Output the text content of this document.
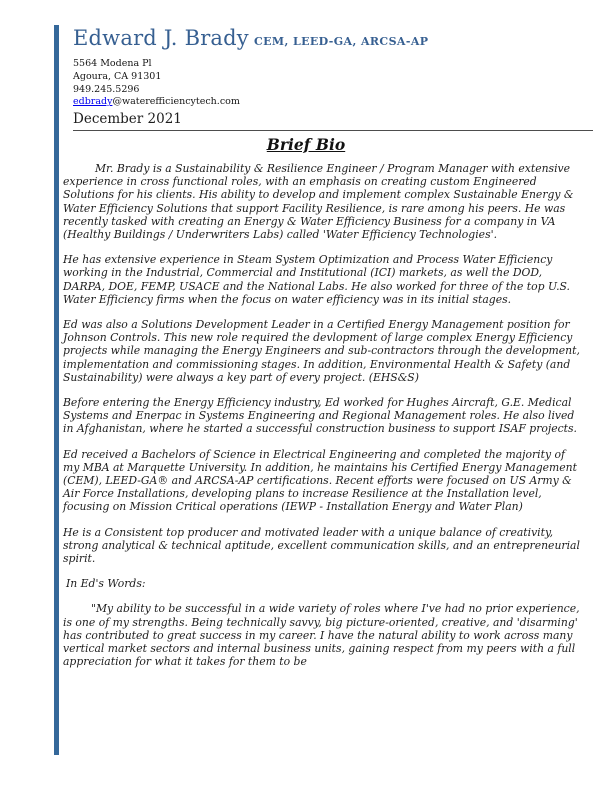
Edward J. Brady CEM, LEED-GA, ARCSA-AP
5564 Modena Pl
Agoura, CA 91301
949.245.5296
edbrady@waterefficiencytech.com
December 2021
Brief Bio

Mr. Brady is a Sustainability & Resilience Engineer / Program Manager with extensive experience in cross functional roles, with an emphasis on creating custom Engineered Solutions for his clients. His ability to develop and implement complex Sustainable Energy & Water Efficiency Solutions that support Facility Resilience, is rare among his peers. He was recently tasked with creating an Energy & Water Efficiency Business for a company in VA (Healthy Buildings / Underwriters Labs) called 'Water Efficiency Technologies'.

He has extensive experience in Steam System Optimization and Process Water Efficiency working in the Industrial, Commercial and Institutional (ICI) markets, as well the DOD, DARPA, DOE, FEMP, USACE and the National Labs. He also worked for three of the top U.S. Water Efficiency firms when the focus on water efficiency was in its initial stages.

Ed was also a Solutions Development Leader in a Certified Energy Management position for Johnson Controls. This new role required the devlopment of large complex Energy Efficiency projects while managing the Energy Engineers and sub-contractors through the development, implementation and commissioning stages. In addition, Environmental Health & Safety (and Sustainability) were always a key part of every project. (EHS&S)

Before entering the Energy Efficiency industry, Ed worked for Hughes Aircraft, G.E. Medical Systems and Enerpac in Systems Engineering and Regional Management roles. He also lived in Afghanistan, where he started a successful construction business to support ISAF projects.

Ed received a Bachelors of Science in Electrical Engineering and completed the majority of my MBA at Marquette University. In addition, he maintains his Certified Energy Management (CEM), LEED-GA® and ARCSA-AP certifications. Recent efforts were focused on US Army & Air Force Installations, developing plans to increase Resilience at the Installation level, focusing on Mission Critical operations (IEWP - Installation Energy and Water Plan)

He is a Consistent top producer and motivated leader with a unique balance of creativity, strong analytical & technical aptitude, excellent communication skills, and an entrepreneurial spirit.

In Ed's Words:

"My ability to be successful in a wide variety of roles where I've had no prior experience, is one of my strengths. Being technically savvy, big picture-oriented, creative, and 'disarming' has contributed to great success in my career. I have the natural ability to work across many vertical market sectors and internal business units, gaining respect from my peers with a full appreciation for what it takes for them to be
